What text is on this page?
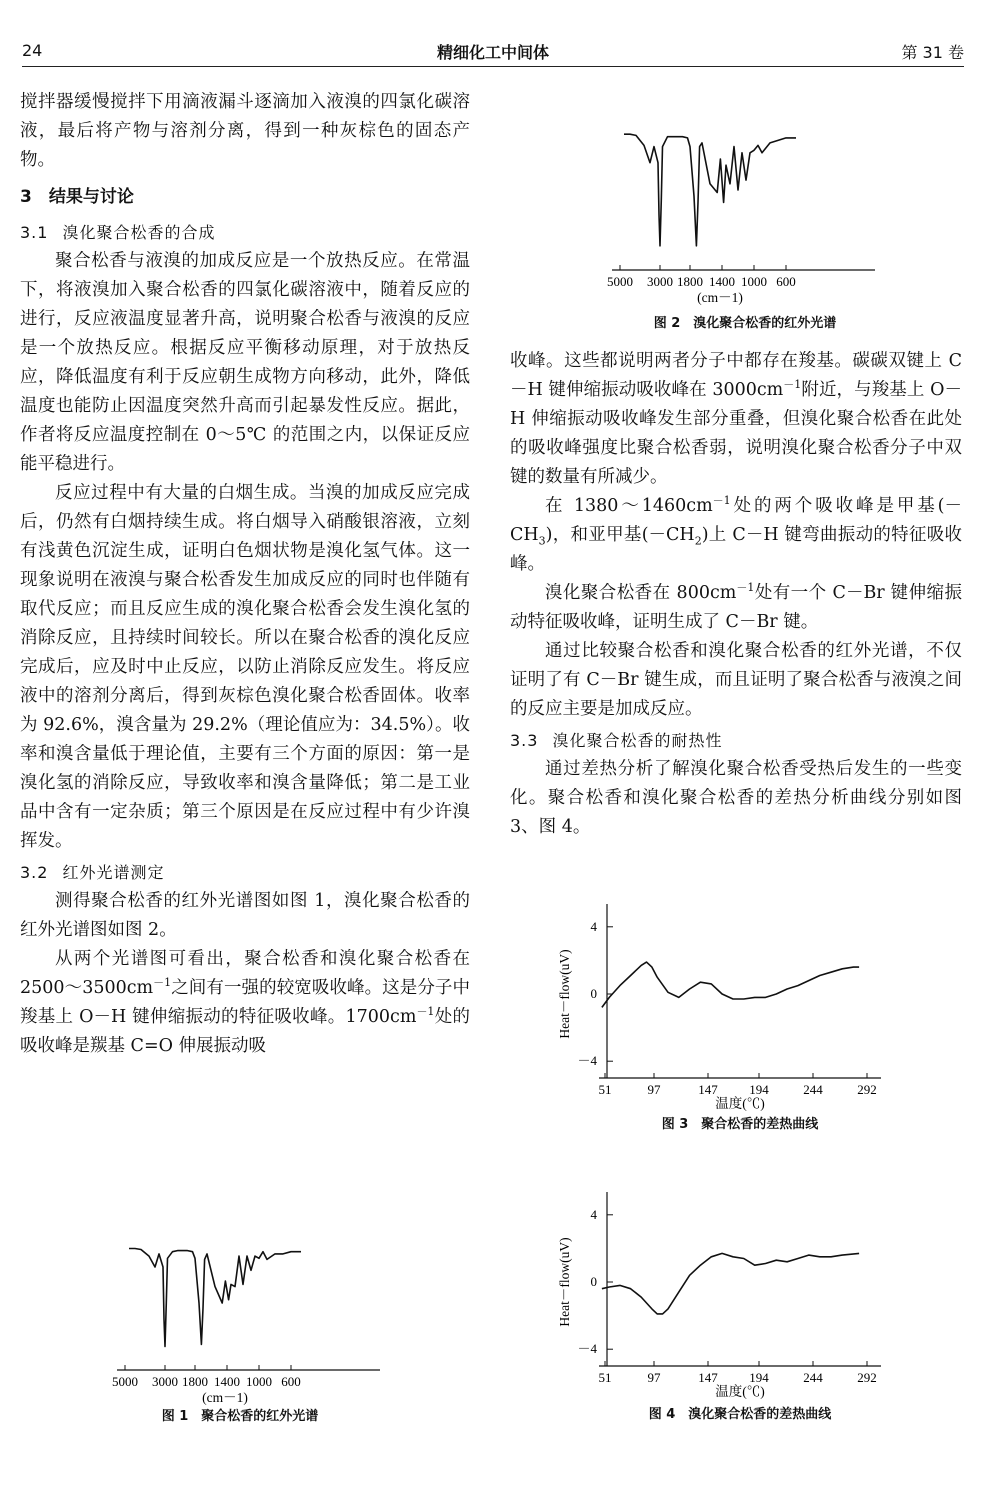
24	精细化工中间体	第 31 卷

搅拌器缓慢搅拌下用滴液漏斗逐滴加入液溴的四氯化碳溶液，最后将产物与溶剂分离，得到一种灰棕色的固态产物。

3　结果与讨论
3.1 溴化聚合松香的合成

聚合松香与液溴的加成反应是一个放热反应。在常温下，将液溴加入聚合松香的四氯化碳溶液中，随着反应的进行，反应液温度显著升高，说明聚合松香与液溴的反应是一个放热反应。根据反应平衡移动原理，对于放热反应，降低温度有利于反应朝生成物方向移动，此外，降低温度也能防止因温度突然升高而引起暴发性反应。据此，作者将反应温度控制在 0～5℃ 的范围之内，以保证反应能平稳进行。

反应过程中有大量的白烟生成。当溴的加成反应完成后，仍然有白烟持续生成。将白烟导入硝酸银溶液，立刻有浅黄色沉淀生成，证明白色烟状物是溴化氢气体。这一现象说明在液溴与聚合松香发生加成反应的同时也伴随有取代反应；而且反应生成的溴化聚合松香会发生溴化氢的消除反应，且持续时间较长。所以在聚合松香的溴化反应完成后，应及时中止反应，以防止消除反应发生。将反应液中的溶剂分离后，得到灰棕色溴化聚合松香固体。收率为 92.6%，溴含量为 29.2%（理论值应为：34.5%）。收率和溴含量低于理论值，主要有三个方面的原因：第一是溴化氢的消除反应，导致收率和溴含量降低；第二是工业品中含有一定杂质；第三个原因是在反应过程中有少许溴挥发。

3.2 红外光谱测定

测得聚合松香的红外光谱图如图 1，溴化聚合松香的红外光谱图如图 2。

从两个光谱图可看出，聚合松香和溴化聚合松香在 $2500\sim 3500cm^{-1}$之间有一强的较宽吸收峰。这是分子中羧基上 O－H 键伸缩振动的特征吸收峰。$1700cm^{-1}$处的吸收峰是羰基 C=O 伸展振动吸

收峰。这些都说明两者分子中都存在羧基。碳碳双键上 C－H 键伸缩振动吸收峰在 $3000cm^{-1}$附近，与羧基上 O－H 伸缩振动吸收峰发生部分重叠，但溴化聚合松香在此处的吸收峰强度比聚合松香弱，说明溴化聚合松香分子中双键的数量有所减少。

在 $1380\sim 1460cm^{-1}$处的两个吸收峰是甲基$(-CH_3)$，和亚甲基$(-CH_2)$上 C－H 键弯曲振动的特征吸收峰。

溴化聚合松香在 $800cm^{-1}$处有一个 C－Br 键伸缩振动特征吸收峰，证明生成了 C－Br 键。

通过比较聚合松香和溴化聚合松香的红外光谱，不仅证明了有 C－Br 键生成，而且证明了聚合松香与液溴之间的反应主要是加成反应。

3.3 溴化聚合松香的耐热性

通过差热分析了解溴化聚合松香受热后发生的一些变化。聚合松香和溴化聚合松香的差热分析曲线分别如图 3、图 4。

5000 3000 1800 1400 1000 600
(cm－1)
图 2　溴化聚合松香的红外光谱
5000 3000 1800 1400 1000 600
(cm－1)
图 1　聚合松香的红外光谱
51	97	147 194	244	292
4
0
－4
Heat－flow(uV)
温度(℃)
图 3　聚合松香的差热曲线
51	97	147 194	244	292
4
0
－4
Heat－flow(uV)
温度(℃)
图 4　溴化聚合松香的差热曲线
